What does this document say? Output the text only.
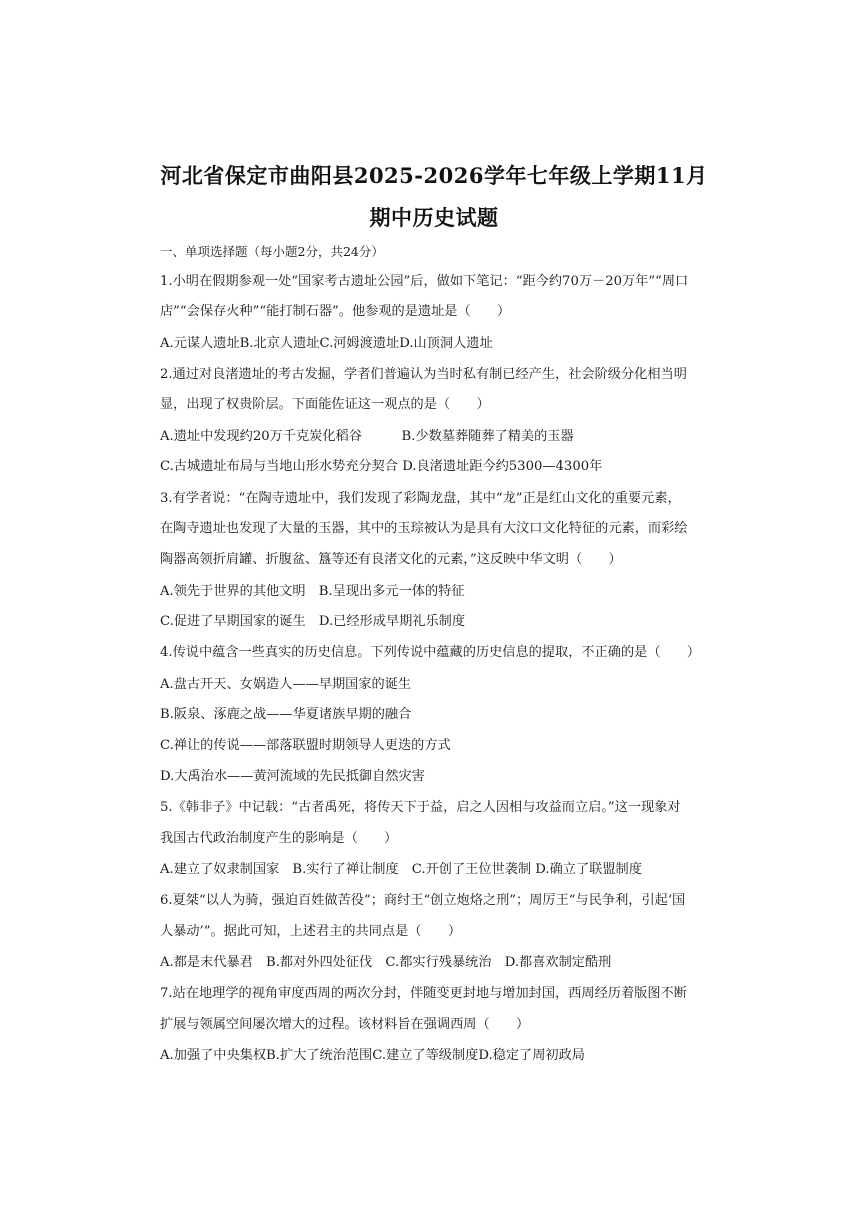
河北省保定市曲阳县2025-2026学年七年级上学期11月
期中历史试题
一、单项选择题（每小题2分，共24分）
1.小明在假期参观一处“国家考古遗址公园”后，做如下笔记：“距今约70万－20万年”“周口
店”“会保存火种”“能打制石器”。他参观的是遗址是（　　）
A.元谋人遗址B.北京人遗址C.河姆渡遗址D.山顶洞人遗址
2.通过对良渚遗址的考古发掘，学者们普遍认为当时私有制已经产生，社会阶级分化相当明
显，出现了权贵阶层。下面能佐证这一观点的是（　　）
A.遗址中发现约20万千克炭化稻谷　　　B.少数墓葬随葬了精美的玉器
C.古城遗址布局与当地山形水势充分契合 D.良渚遗址距今约5300—4300年
3.有学者说：“在陶寺遗址中，我们发现了彩陶龙盘，其中“龙”正是红山文化的重要元素，
在陶寺遗址也发现了大量的玉器，其中的玉琮被认为是具有大汶口文化特征的元素，而彩绘
陶器高领折肩罐、折腹盆、簋等还有良渚文化的元素，”这反映中华文明（　　）
A.领先于世界的其他文明　B.呈现出多元一体的特征
C.促进了早期国家的诞生　D.已经形成早期礼乐制度
4.传说中蕴含一些真实的历史信息。下列传说中蕴藏的历史信息的提取，不正确的是（　　）
A.盘古开天、女娲造人——早期国家的诞生
B.阪泉、涿鹿之战——华夏诸族早期的融合
C.禅让的传说——部落联盟时期领导人更迭的方式
D.大禹治水——黄河流域的先民抵御自然灾害
5.《韩非子》中记载：“古者禹死，将传天下于益，启之人因相与攻益而立启。”这一现象对
我国古代政治制度产生的影响是（　　）
A.建立了奴隶制国家　B.实行了禅让制度　C.开创了王位世袭制 D.确立了联盟制度
6.夏桀“以人为骑，强迫百姓做苦役”；商纣王“创立炮烙之刑”；周厉王“与民争利，引起‘国
人暴动’”。据此可知，上述君主的共同点是（　　）
A.都是末代暴君　B.都对外四处征伐　C.都实行残暴统治　D.都喜欢制定酷刑
7.站在地理学的视角审度西周的两次分封，伴随变更封地与增加封国，西周经历着版图不断
扩展与领属空间屡次增大的过程。该材料旨在强调西周（　　）
A.加强了中央集权B.扩大了统治范围C.建立了等级制度D.稳定了周初政局
